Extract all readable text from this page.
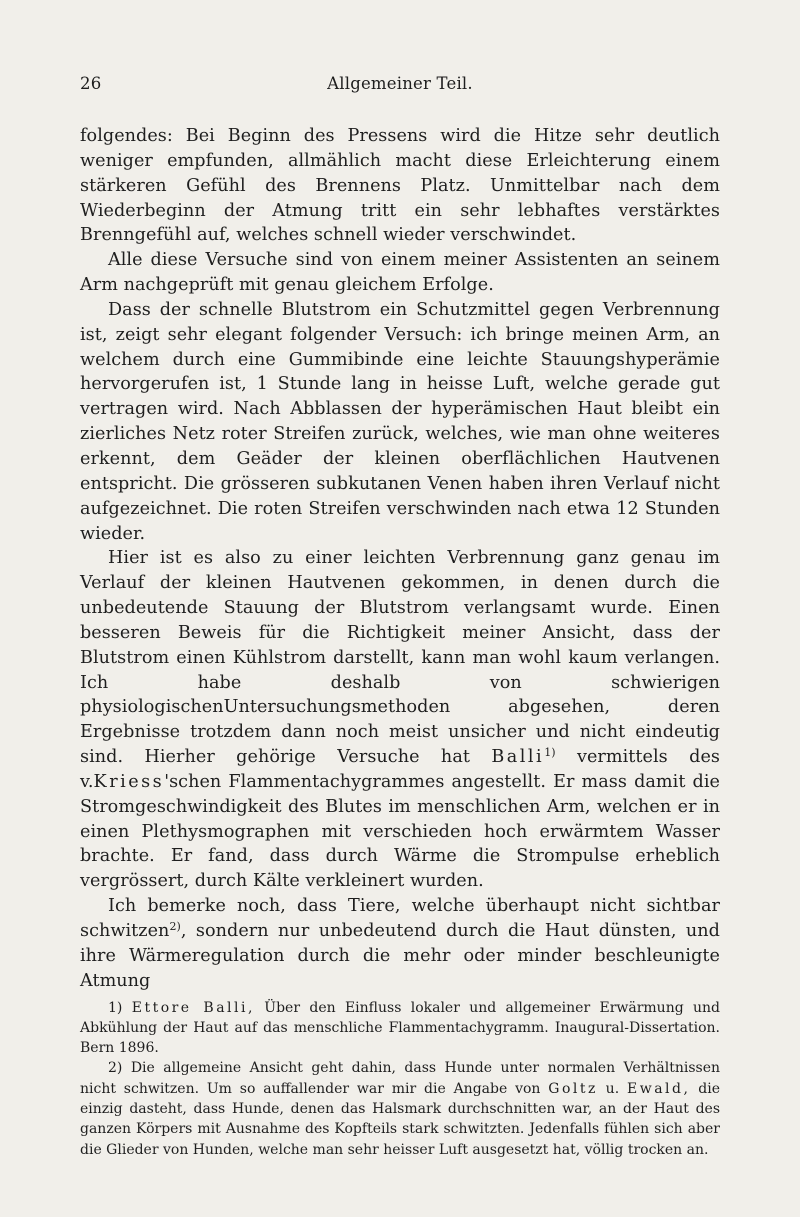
26	Allgemeiner Teil.

folgendes: Bei Beginn des Pressens wird die Hitze sehr deutlich weniger empfunden, allmählich macht diese Erleichterung einem stärkeren Gefühl des Brennens Platz. Unmittelbar nach dem Wiederbeginn der Atmung tritt ein sehr lebhaftes verstärktes Brenngefühl auf, welches schnell wieder verschwindet.

Alle diese Versuche sind von einem meiner Assistenten an seinem Arm nachgeprüft mit genau gleichem Erfolge.

Dass der schnelle Blutstrom ein Schutzmittel gegen Verbrennung ist, zeigt sehr elegant folgender Versuch: ich bringe meinen Arm, an welchem durch eine Gummibinde eine leichte Stauungshyperämie hervorgerufen ist, 1 Stunde lang in heisse Luft, welche gerade gut vertragen wird. Nach Abblassen der hyperämischen Haut bleibt ein zierliches Netz roter Streifen zurück, welches, wie man ohne weiteres erkennt, dem Geäder der kleinen oberflächlichen Hautvenen entspricht. Die grösseren subkutanen Venen haben ihren Verlauf nicht aufgezeichnet. Die roten Streifen verschwinden nach etwa 12 Stunden wieder.

Hier ist es also zu einer leichten Verbrennung ganz genau im Verlauf der kleinen Hautvenen gekommen, in denen durch die unbedeutende Stauung der Blutstrom verlangsamt wurde. Einen besseren Beweis für die Richtigkeit meiner Ansicht, dass der Blutstrom einen Kühlstrom darstellt, kann man wohl kaum verlangen. Ich habe deshalb von schwierigen physiologischenUntersuchungsmethoden abgesehen, deren Ergebnisse trotzdem dann noch meist unsicher und nicht eindeutig sind. Hierher gehörige Versuche hat Balli$^{1)}$ vermittels des v.Kriess'schen Flammentachygrammes angestellt. Er mass damit die Stromgeschwindigkeit des Blutes im menschlichen Arm, welchen er in einen Plethysmographen mit verschieden hoch erwärmtem Wasser brachte. Er fand, dass durch Wärme die Strompulse erheblich vergrössert, durch Kälte verkleinert wurden.

Ich bemerke noch, dass Tiere, welche überhaupt nicht sichtbar schwitzen$^{2)}$, sondern nur unbedeutend durch die Haut dünsten, und ihre Wärmeregulation durch die mehr oder minder beschleunigte Atmung

1) Ettore Balli, Über den Einfluss lokaler und allgemeiner Erwärmung und Abkühlung der Haut auf das menschliche Flammentachygramm. Inaugural-Dissertation. Bern 1896.

2) Die allgemeine Ansicht geht dahin, dass Hunde unter normalen Verhältnissen nicht schwitzen. Um so auffallender war mir die Angabe von Goltz u. Ewald, die einzig dasteht, dass Hunde, denen das Halsmark durchschnitten war, an der Haut des ganzen Körpers mit Ausnahme des Kopfteils stark schwitzten. Jedenfalls fühlen sich aber die Glieder von Hunden, welche man sehr heisser Luft ausgesetzt hat, völlig trocken an.
